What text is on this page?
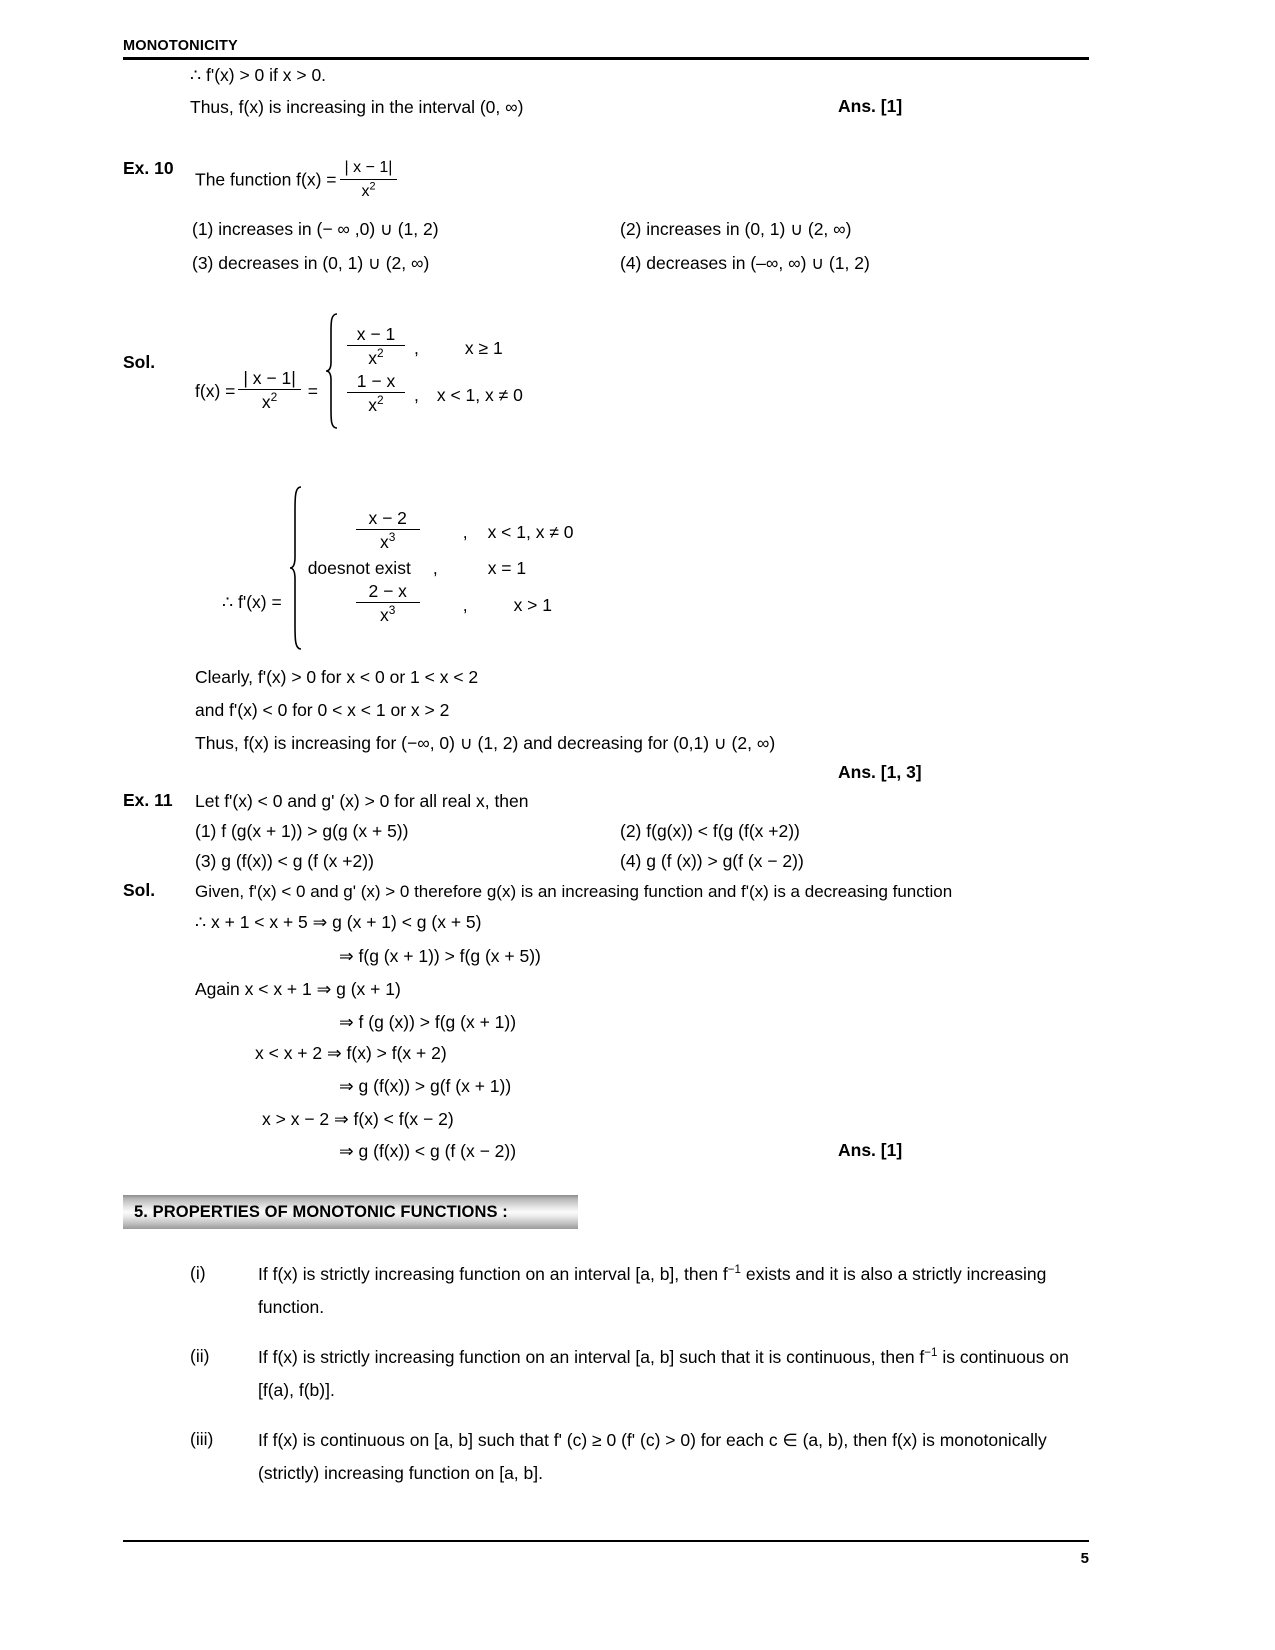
MONOTONICITY
∴ f'(x) > 0 if x > 0.
Thus, f(x) is increasing in the interval (0, ∞)	Ans. [1]
Ex. 10
The function $f(x) = \frac{| x - 1|}{x^2}$
(1) increases in (− ∞ ,0) ∪ (1, 2)	(2) increases in (0, 1) ∪ (2, ∞)
(3) decreases in (0, 1) ∪ (2, ∞)	(4) decreases in (–∞, ∞) ∪ (1, 2)
Sol.
$f(x) = \frac{| x - 1|}{x^2}$ =
$\frac{x - 1}{x^2}$ ,	x ≥ 1
$\frac{1 - x}{x^2}$ , x < 1, x ≠ 0
∴ f'(x) =
$\frac{x - 2}{x^3}$ , x < 1, x ≠ 0
doesnot exist ,	x = 1
$\frac{2 - x}{x^3}$ ,	x > 1
Clearly, f'(x) > 0 for x < 0 or 1 < x < 2
and f'(x) < 0 for 0 < x < 1 or x > 2
Thus, f(x) is increasing for (−∞, 0) ∪ (1, 2) and decreasing for (0,1) ∪ (2, ∞)
Ans. [1, 3]
Ex. 11 Let f'(x) < 0 and g' (x) > 0 for all real x, then
(1) f (g(x + 1)) > g(g (x + 5))	(2) f(g(x)) < f(g (f(x +2))
(3) g (f(x)) < g (f (x +2))	(4) g (f (x)) > g(f (x − 2))
Sol. Given, f'(x) < 0 and g' (x) > 0 therefore g(x) is an increasing function and f'(x) is a decreasing function
∴ x + 1 < x + 5 ⇒ g (x + 1) < g (x + 5)
⇒ f(g (x + 1)) > f(g (x + 5))
Again x < x + 1 ⇒ g (x + 1)
⇒ f (g (x)) > f(g (x + 1))
x < x + 2 ⇒ f(x) > f(x + 2)
⇒ g (f(x)) > g(f (x + 1))
x > x − 2 ⇒ f(x) < f(x − 2)
⇒ g (f(x)) < g (f (x − 2))	Ans. [1]
5. PROPERTIES OF MONOTONIC FUNCTIONS :
(i)	If f(x) is strictly increasing function on an interval [a, b], then $f^{-1}$ exists and it is also a strictly increasing function.
(ii)	If f(x) is strictly increasing function on an interval [a, b] such that it is continuous, then $f^{-1}$ is continuous on [f(a), f(b)].
(iii)	If f(x) is continuous on [a, b] such that f' (c) ≥ 0 (f' (c) > 0) for each c ∈ (a, b), then f(x) is monotonically (strictly) increasing function on [a, b].
5
